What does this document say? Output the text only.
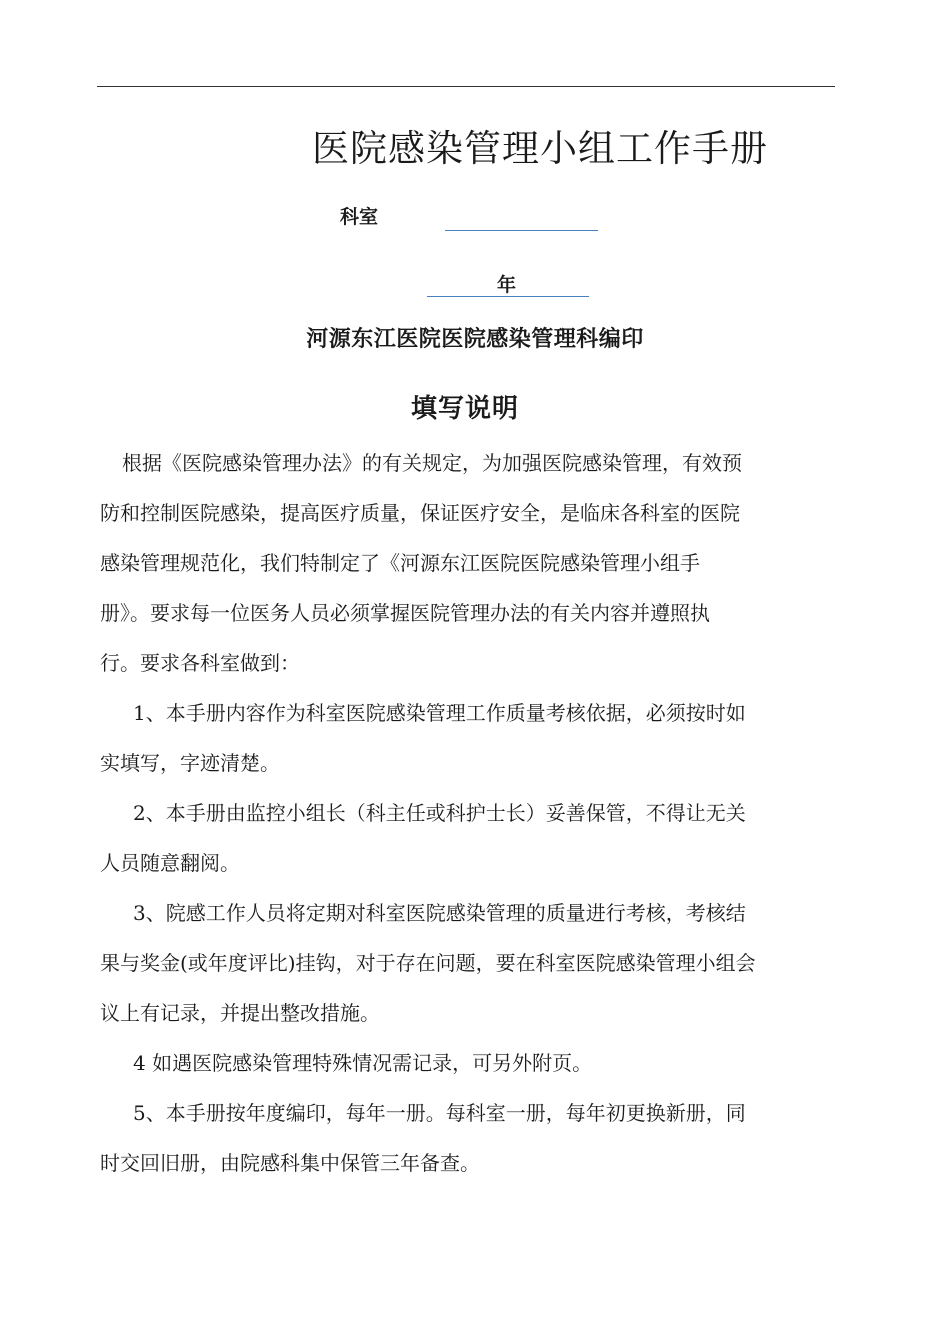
医院感染管理小组工作手册
科室
年
河源东江医院医院感染管理科编印
填写说明

根据《医院感染管理办法》的有关规定，为加强医院感染管理，有效预
防和控制医院感染，提高医疗质量，保证医疗安全，是临床各科室的医院
感染管理规范化，我们特制定了《河源东江医院医院感染管理小组手
册》。要求每一位医务人员必须掌握医院管理办法的有关内容并遵照执
行。要求各科室做到：

1、本手册内容作为科室医院感染管理工作质量考核依据，必须按时如
实填写，字迹清楚。

2、本手册由监控小组长（科主任或科护士长）妥善保管，不得让无关
人员随意翻阅。

3、院感工作人员将定期对科室医院感染管理的质量进行考核，考核结
果与奖金(或年度评比)挂钩，对于存在问题，要在科室医院感染管理小组会
议上有记录，并提出整改措施。

4 如遇医院感染管理特殊情况需记录，可另外附页。

5、本手册按年度编印，每年一册。每科室一册，每年初更换新册，同
时交回旧册，由院感科集中保管三年备查。
